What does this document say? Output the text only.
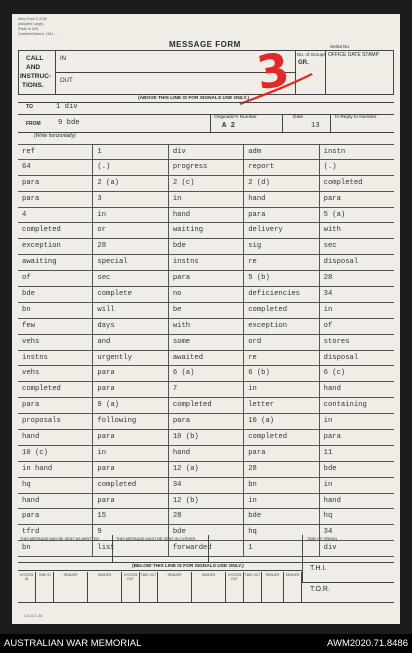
Army Form C.2136
(Adopted: Large)
(Pads of 100)
Combined March, 1941 - ...
MESSAGE FORM
CALL
AND
INSTRUC-
TIONS.
IN
OUT	3 No. of Groups
GR.
Serial No.
OFFICE DATE STAMP
(ABOVE THIS LINE IS FOR SIGNALS USE ONLY.)
TO	1 div
Originator's Number	Date	In Reply to Number
FROM 9 bde	A 2	13
(Write horizontally)
ref	1	div	adm	instn
64	(.)	progress	report	(.)
para	2 (a)	2 (c)	2 (d)	completed
para	3	in	hand	para
4	in	hand	para	5 (a)
completed	or	waiting	delivery	with
exception	28	bde	sig	sec
awaiting	special	instns	re	disposal
of	sec	para	5 (b)	28
bde	complete	no	deficiencies	34
bn	will	be	completed	in
few	days	with	exception	of
vehs	and	some	ord	stores
instns	urgently	awaited	re	disposal
vehs	para	6 (a)	6 (b)	6 (c)
completed	para	7	in	hand
para	9 (a)	completed	letter	containing
proposals	following	para	10 (a)	in
hand	para	10 (b)	completed	para
10 (c)	in	hand	para	11
in hand	para	12 (a)	28	bde
hq	completed	34	bn	in
hand	para	12 (b)	in	hand
para	15	28	bde	hq
tfrd	9	bde	hq	34
bn	list	forwarded	1	div
THIS MESSAGE MAY BE SENT AS WRITTEN	THIS MESSAGE MUST BE SENT IN CYPHER	TIME OF ORIGIN
(BELOW THIS LINE IS FOR SIGNALS USE ONLY.)
SYSTEM IN
TIME IN	READER	SENDER	SYSTEM OUT
TIME OUT	READER	SENDER	SYSTEM OUT
TIME OUT	READER	SENDER
T.H.I.
T.O.R.
1-5-4-C-36
AUSTRALIAN WAR MEMORIAL	AWM2020.71.8486
